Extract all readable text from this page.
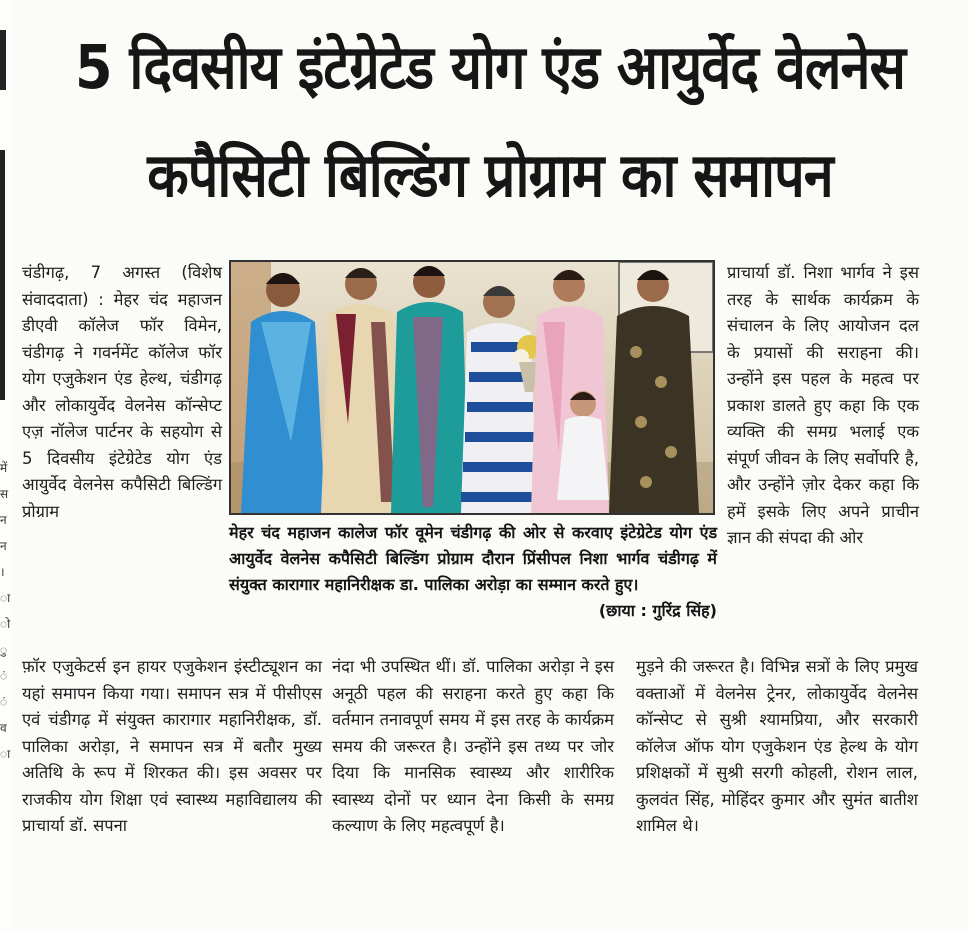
में
स
न
न
।
ा
ो
ु
ं
ं
व
ा
5 दिवसीय इंटेग्रेटेड योग एंड आयुर्वेद वेलनेस
कपैसिटी बिल्डिंग प्रोग्राम का समापन

चंडीगढ़, 7 अगस्त (विशेष संवाददाता) : मेहर चंद महाजन डीएवी कॉलेज फॉर विमेन, चंडीगढ़ ने गवर्नमेंट कॉलेज फॉर योग एजुकेशन एंड हेल्थ, चंडीगढ़ और लोकायुर्वेद वेलनेस कॉन्सेप्ट एज़ नॉलेज पार्टनर के सहयोग से 5 दिवसीय इंटेग्रेटेड योग एंड आयुर्वेद वेलनेस कपैसिटी बिल्डिंग प्रोग्राम

फ़ॉर एजुकेटर्स इन हायर एजुकेशन इंस्टीट्यूशन का यहां समापन किया गया। समापन सत्र में पीसीएस एवं चंडीगढ़ में संयुक्त कारागार महानिरीक्षक, डॉ. पालिका अरोड़ा, ने समापन सत्र में बतौर मुख्य अतिथि के रूप में शिरकत की। इस अवसर पर राजकीय योग शिक्षा एवं स्वास्थ्य महाविद्यालय की प्राचार्या डॉ. सपना

नंदा भी उपस्थित थीं। डॉ. पालिका अरोड़ा ने इस अनूठी पहल की सराहना करते हुए कहा कि वर्तमान तनावपूर्ण समय में इस तरह के कार्यक्रम समय की जरूरत है। उन्होंने इस तथ्य पर जोर दिया कि मानसिक स्वास्थ्य और शारीरिक स्वास्थ्य दोनों पर ध्यान देना किसी के समग्र कल्याण के लिए महत्वपूर्ण है।

प्राचार्या डॉ. निशा भार्गव ने इस तरह के सार्थक कार्यक्रम के संचालन के लिए आयोजन दल के प्रयासों की सराहना की। उन्होंने इस पहल के महत्व पर प्रकाश डालते हुए कहा कि एक व्यक्ति की समग्र भलाई एक संपूर्ण जीवन के लिए सर्वोपरि है, और उन्होंने ज़ोर देकर कहा कि हमें इसके लिए अपने प्राचीन ज्ञान की संपदा की ओर

मुड़ने की जरूरत है। विभिन्न सत्रों के लिए प्रमुख वक्ताओं में वेलनेस ट्रेनर, लोकायुर्वेद वेलनेस कॉन्सेप्ट से सुश्री श्यामप्रिया, और सरकारी कॉलेज ऑफ योग एजुकेशन एंड हेल्थ के योग प्रशिक्षकों में सुश्री सरगी कोहली, रोशन लाल, कुलवंत सिंह, मोहिंदर कुमार और सुमंत बातीश शामिल थे।

मेहर चंद महाजन कालेज फॉर वूमेन चंडीगढ़ की ओर से करवाए इंटेग्रेटेड योग एंड आयुर्वेद वेलनेस कपैसिटी बिल्डिंग प्रोग्राम दौरान प्रिंसीपल निशा भार्गव चंडीगढ़ में संयुक्त कारागार महानिरीक्षक डा. पालिका अरोड़ा का सम्मान करते हुए।
(छाया : गुरिंद्र सिंह)
